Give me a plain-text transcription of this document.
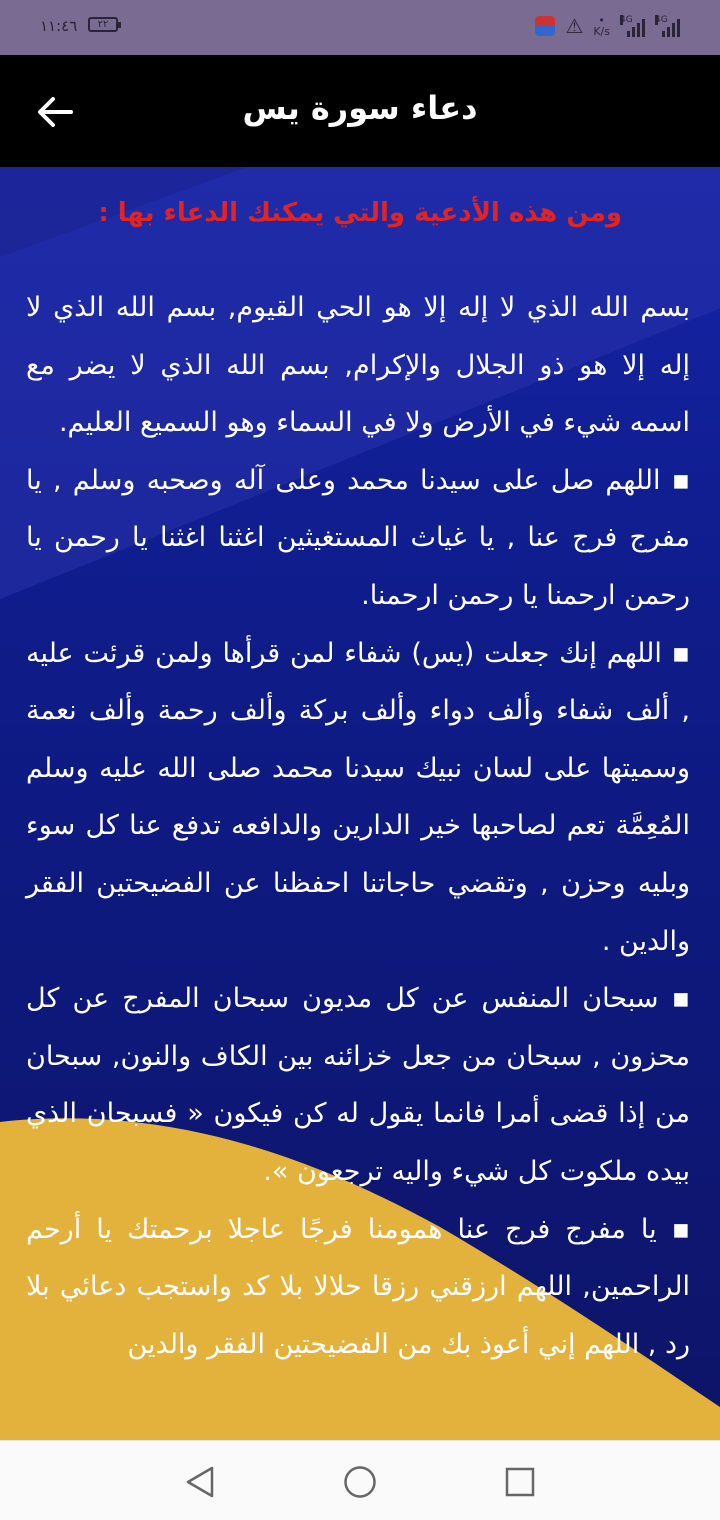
١١:٤٦	٢٢	⚠	•
K/s
4G 4G
دعاء سورة يس
ومن هذه الأدعية والتي يمكنك الدعاء بها :

بسم الله الذي لا إله إلا هو الحي القيوم, بسم الله الذي لا إله إلا هو ذو الجلال والإكرام, بسم الله الذي لا يضر مع اسمه شيء في الأرض ولا في السماء وهو السميع العليم.

▪ اللهم صل على سيدنا محمد وعلى آله وصحبه وسلم , يا مفرج فرج عنا , يا غياث المستغيثين اغثنا اغثنا يا رحمن يا رحمن ارحمنا يا رحمن ارحمنا.

▪ اللهم إنك جعلت (يس) شفاء لمن قرأها ولمن قرئت عليه , ألف شفاء وألف دواء وألف بركة وألف رحمة وألف نعمة وسميتها على لسان نبيك سيدنا محمد صلى الله عليه وسلم المُعِمَّة تعم لصاحبها خير الدارين والدافعه تدفع عنا كل سوء وبليه وحزن , وتقضي حاجاتنا احفظنا عن الفضيحتين الفقر والدين .

▪ سبحان المنفس عن كل مديون سبحان المفرج عن كل محزون , سبحان من جعل خزائنه بين الكاف والنون, سبحان من إذا قضى أمرا فانما يقول له كن فيكون « فسبحان الذي بيده ملكوت كل شيء واليه ترجعون ».

▪ يا مفرج فرج عنا همومنا فرجًا عاجلا برحمتك يا أرحم الراحمين, اللهم ارزقني رزقا حلالا بلا كد واستجب دعائي بلا رد , اللهم إني أعوذ بك من الفضيحتين الفقر والدين
